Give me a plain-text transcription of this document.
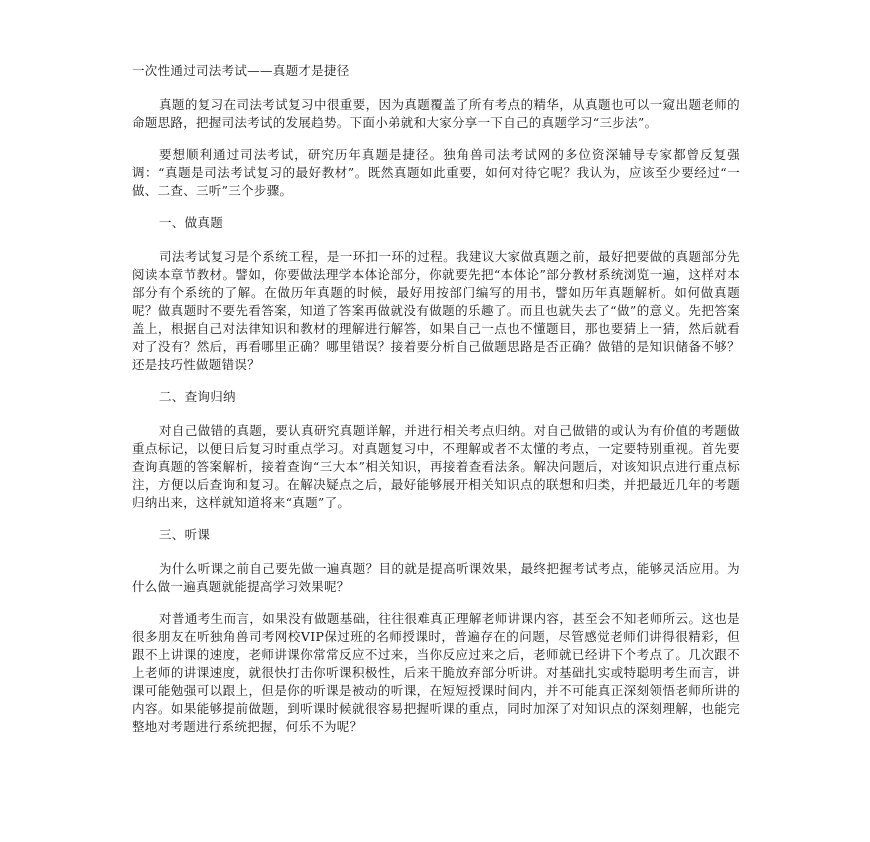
一次性通过司法考试——真题才是捷径

真题的复习在司法考试复习中很重要，因为真题覆盖了所有考点的精华，从真题也可以一窥出题老师的命题思路，把握司法考试的发展趋势。下面小弟就和大家分享一下自己的真题学习“三步法”。

要想顺利通过司法考试，研究历年真题是捷径。独角兽司法考试网的多位资深辅导专家都曾反复强调：“真题是司法考试复习的最好教材”。既然真题如此重要，如何对待它呢？我认为，应该至少要经过“一做、二查、三听”三个步骤。

一、做真题

司法考试复习是个系统工程，是一环扣一环的过程。我建议大家做真题之前，最好把要做的真题部分先阅读本章节教材。譬如，你要做法理学本体论部分，你就要先把“本体论”部分教材系统浏览一遍，这样对本部分有个系统的了解。在做历年真题的时候，最好用按部门编写的用书，譬如历年真题解析。如何做真题呢？做真题时不要先看答案，知道了答案再做就没有做题的乐趣了。而且也就失去了“做”的意义。先把答案盖上，根据自己对法律知识和教材的理解进行解答，如果自己一点也不懂题目，那也要猜上一猜，然后就看对了没有？然后，再看哪里正确？哪里错误？接着要分析自己做题思路是否正确？做错的是知识储备不够？还是技巧性做题错误？

二、查询归纳

对自己做错的真题，要认真研究真题详解，并进行相关考点归纳。对自己做错的或认为有价值的考题做重点标记，以便日后复习时重点学习。对真题复习中，不理解或者不太懂的考点，一定要特别重视。首先要查询真题的答案解析，接着查询“三大本”相关知识，再接着查看法条。解决问题后，对该知识点进行重点标注，方便以后查询和复习。在解决疑点之后，最好能够展开相关知识点的联想和归类，并把最近几年的考题归纳出来，这样就知道将来“真题”了。

三、听课

为什么听课之前自己要先做一遍真题？目的就是提高听课效果，最终把握考试考点，能够灵活应用。为什么做一遍真题就能提高学习效果呢？

对普通考生而言，如果没有做题基础，往往很难真正理解老师讲课内容，甚至会不知老师所云。这也是很多朋友在听独角兽司考网校VIP保过班的名师授课时，普遍存在的问题，尽管感觉老师们讲得很精彩，但跟不上讲课的速度，老师讲课你常常反应不过来，当你反应过来之后，老师就已经讲下个考点了。几次跟不上老师的讲课速度，就很快打击你听课积极性，后来干脆放弃部分听讲。对基础扎实或特聪明考生而言，讲课可能勉强可以跟上，但是你的听课是被动的听课，在短短授课时间内，并不可能真正深刻领悟老师所讲的内容。如果能够提前做题，到听课时候就很容易把握听课的重点，同时加深了对知识点的深刻理解，也能完整地对考题进行系统把握，何乐不为呢？
